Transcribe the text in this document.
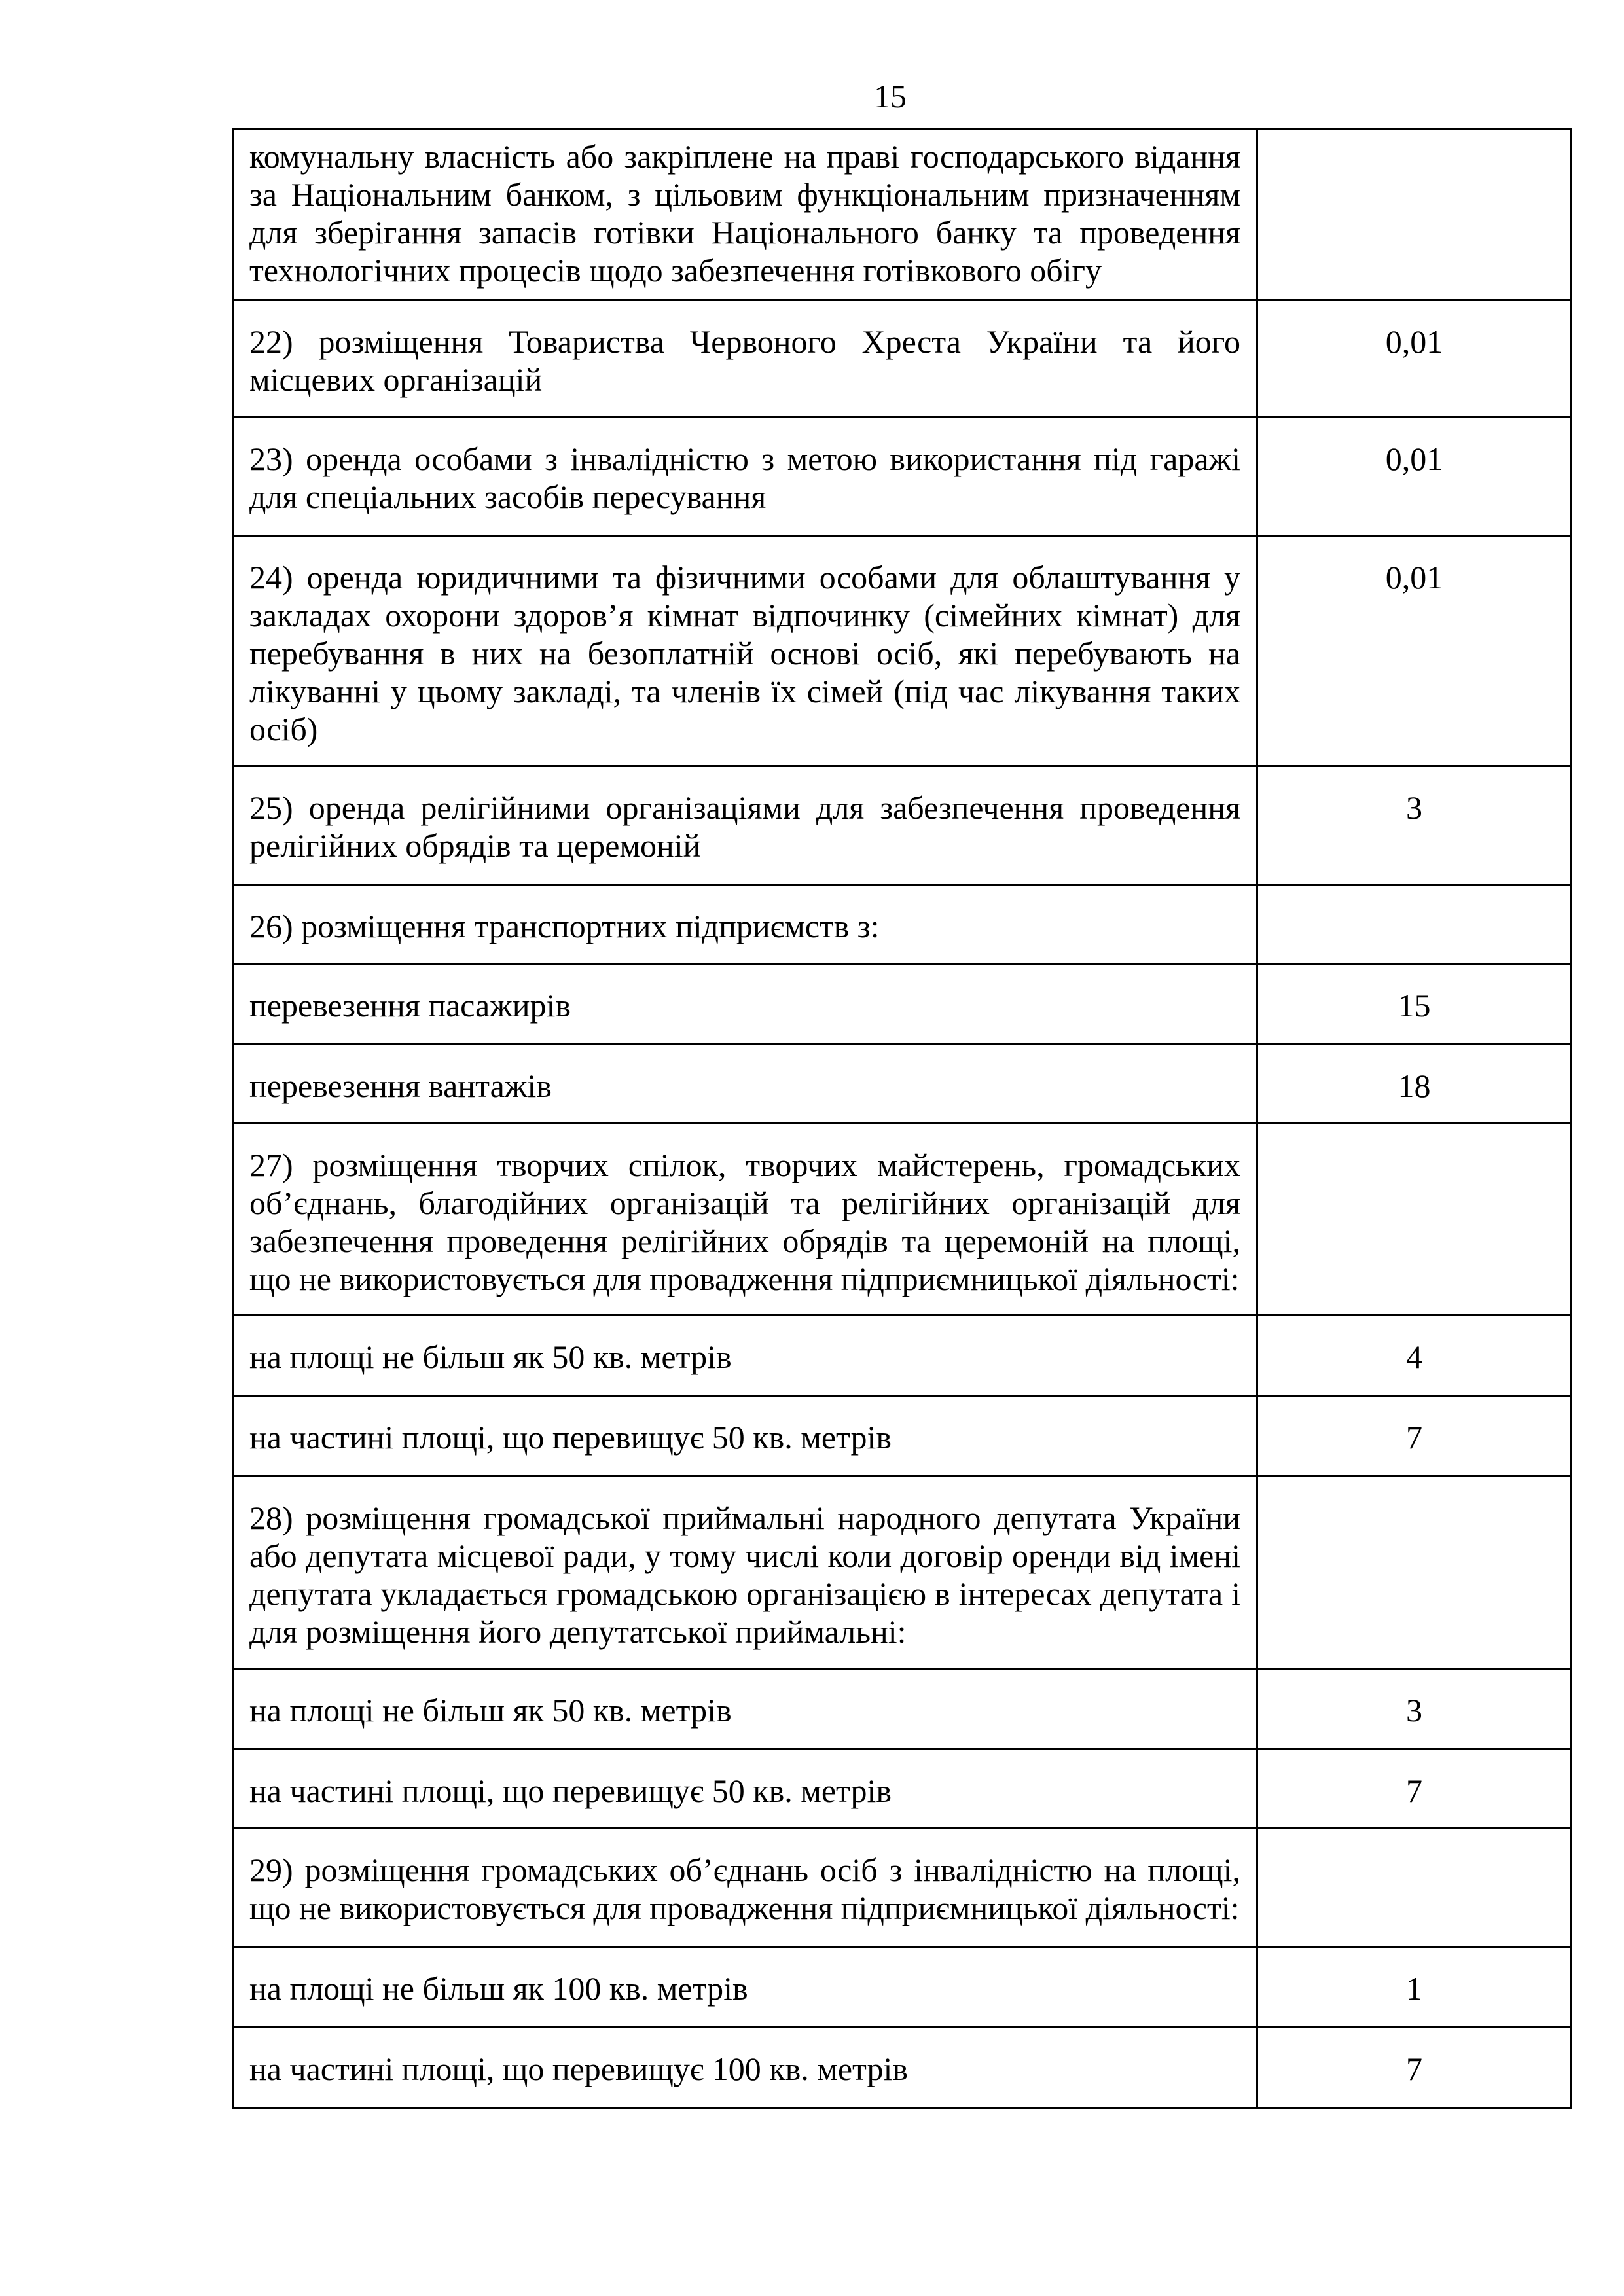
15
комунальну власність або закріплене на праві господарського відання за Національним банком, з цільовим функціональним призначенням для зберігання запасів готівки Національного банку та проведення технологічних процесів щодо забезпечення готівкового обігу	

22) розміщення Товариства Червоного Хреста України та його місцевих організацій	0,01

23) оренда особами з інвалідністю з метою використання під гаражі для спеціальних засобів пересування	0,01

24) оренда юридичними та фізичними особами для облаштування у закладах охорони здоров’я кімнат відпочинку (сімейних кімнат) для перебування в них на безоплатній основі осіб, які перебувають на лікуванні у цьому закладі, та членів їх сімей (під час лікування таких осіб)	0,01

25) оренда релігійними організаціями для забезпечення проведення релігійних обрядів та церемоній	3

26) розміщення транспортних підприємств з:	

перевезення пасажирів	15

перевезення вантажів	18

27) розміщення творчих спілок, творчих майстерень, громадських об’єднань, благодійних організацій та релігійних організацій для забезпечення проведення релігійних обрядів та церемоній на площі, що не використовується для провадження підприємницької діяльності:	

на площі не більш як 50 кв. метрів	4

на частині площі, що перевищує 50 кв. метрів	7

28) розміщення громадської приймальні народного депутата України або депутата місцевої ради, у тому числі коли договір оренди від імені депутата укладається громадською організацією в інтересах депутата і для розміщення його депутатської приймальні:	

на площі не більш як 50 кв. метрів	3

на частині площі, що перевищує 50 кв. метрів	7

29) розміщення громадських об’єднань осіб з інвалідністю на площі, що не використовується для провадження підприємницької діяльності:	

на площі не більш як 100 кв. метрів	1

на частині площі, що перевищує 100 кв. метрів	7
